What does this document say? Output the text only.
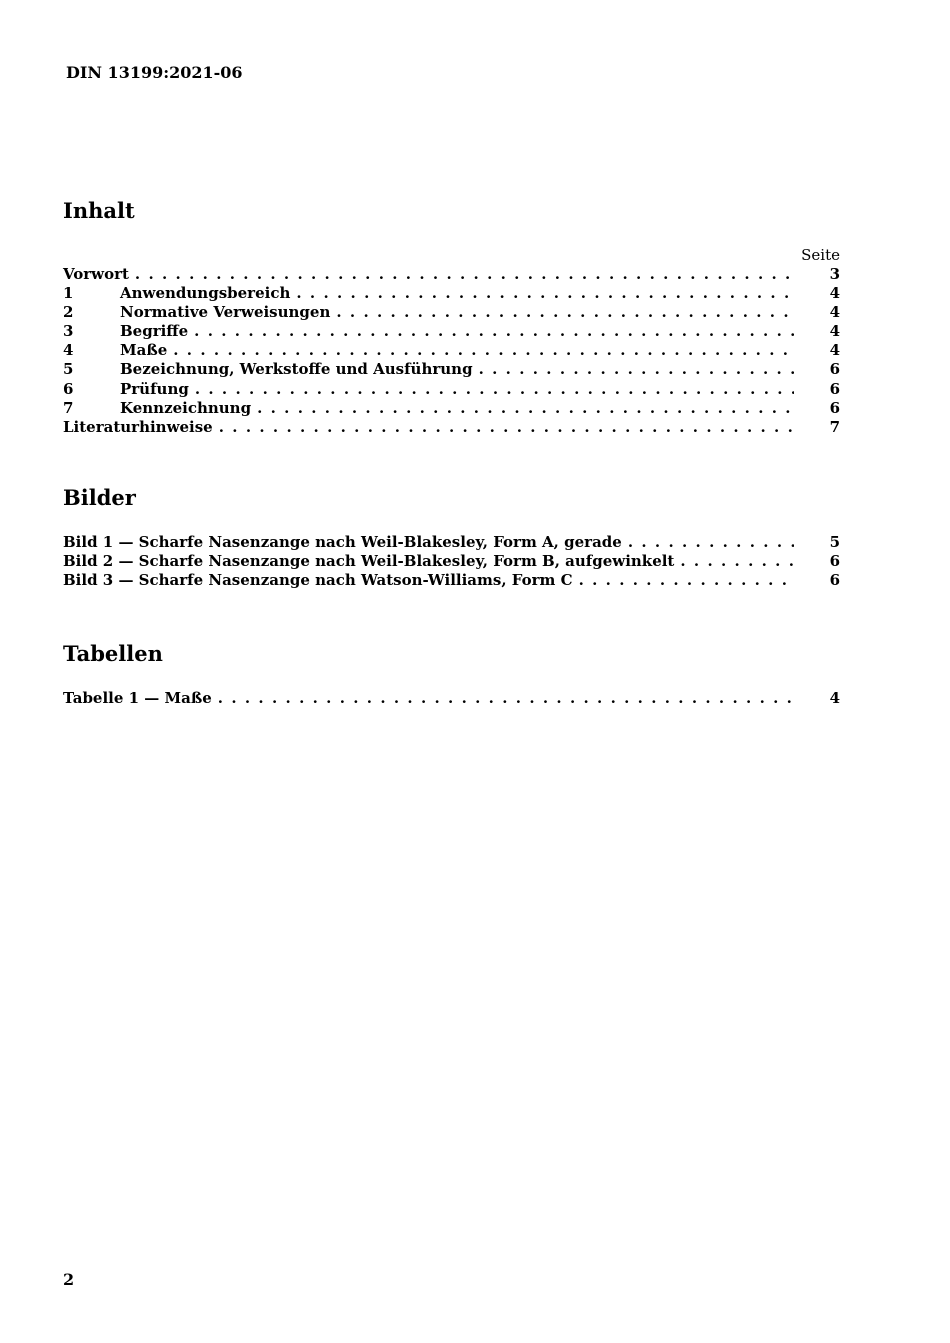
DIN 13199:2021-06
Inhalt
Seite
Vorwort . . .	3
1	Anwendungsbereich . . .	4
2	Normative Verweisungen . . .	4
3	Begriffe . . .	4
4	Maße . . .	4
5	Bezeichnung, Werkstoffe und Ausführung . . .	6
6	Prüfung . . .	6
7	Kennzeichnung . . .	6
Literaturhinweise . . .	7
Bilder
Bild 1 — Scharfe Nasenzange nach Weil-Blakesley, Form A, gerade . . .	5
Bild 2 — Scharfe Nasenzange nach Weil-Blakesley, Form B, aufgewinkelt . . .	6
Bild 3 — Scharfe Nasenzange nach Watson-Williams, Form C . . .	6
Tabellen
Tabelle 1 — Maße . . .	4
2
